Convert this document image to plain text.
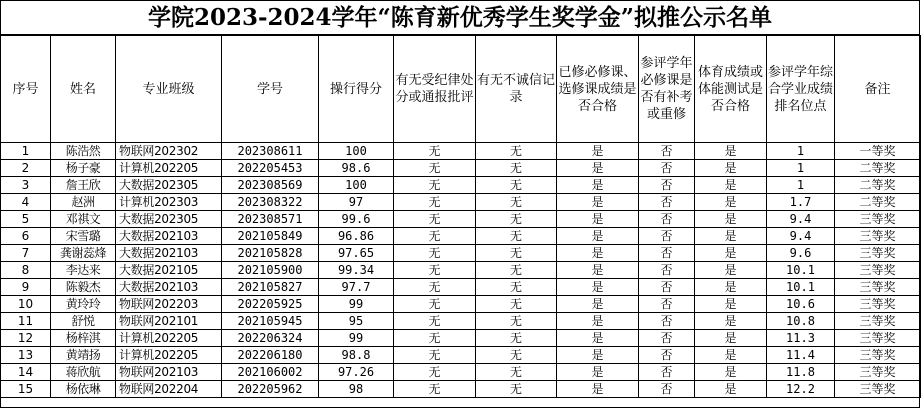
学院2023-2024学年“陈育新优秀学生奖学金”拟推公示名单
序号	姓名	专业班级	学号	操行得分	有无受纪律处分或通报批评	有无不诚信记录	已修必修课、选修课成绩是否合格	参评学年必修课是否有补考或重修	体育成绩或体能测试是否合格	参评学年综合学业成绩排名位点	备注
1	陈浩然	物联网202302	202308611	100	无	无	是	否	是	1	一等奖
2	杨子豪	计算机202205	202205453	98.6	无	无	是	否	是	1	二等奖
3	詹王欣	大数据202305	202308569	100	无	无	是	否	是	1	二等奖
4	赵洲	计算机202303	202308322	97	无	无	是	否	是	1.7	二等奖
5	邓祺文	大数据202305	202308571	99.6	无	无	是	否	是	9.4	三等奖
6	宋雪璐	大数据202103	202105849	96.86	无	无	是	否	是	9.4	三等奖
7	龚谢蕊烽	大数据202103	202105828	97.65	无	无	是	否	是	9.6	三等奖
8	李达来	大数据202105	202105900	99.34	无	无	是	否	是	10.1	三等奖
9	陈毅杰	大数据202103	202105827	97.7	无	无	是	否	是	10.1	三等奖
10	黄玲玲	物联网202203	202205925	99	无	无	是	否	是	10.6	三等奖
11	舒悦	物联网202101	202105945	95	无	无	是	否	是	10.8	三等奖
12	杨梓淇	计算机202205	202206324	99	无	无	是	否	是	11.3	三等奖
13	黄靖扬	计算机202205	202206180	98.8	无	无	是	否	是	11.4	三等奖
14	蒋欣航	物联网202103	202106002	97.26	无	无	是	否	是	11.8	三等奖
15	杨依琳	物联网202204	202205962	98	无	无	是	否	是	12.2	三等奖
